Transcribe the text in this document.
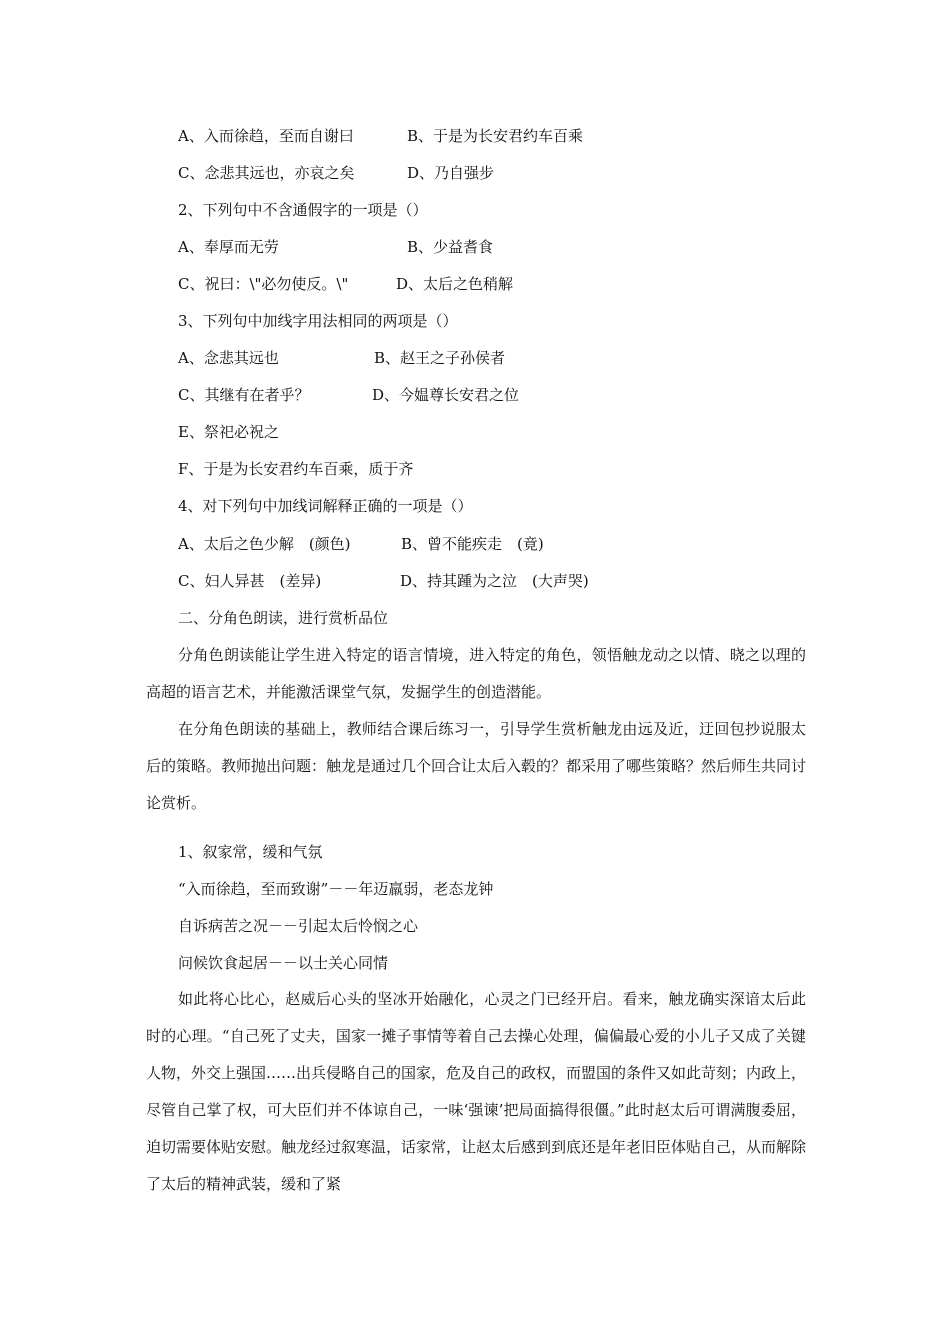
A、入而徐趋，至而自谢曰	B、于是为长安君约车百乘
C、念悲其远也，亦哀之矣	D、乃自强步
2、下列句中不含通假字的一项是（）
A、奉厚而无劳	B、少益耆食
C、祝曰：\"必勿使反。\"	D、太后之色稍解
3、下列句中加线字用法相同的两项是（）
A、念悲其远也	B、赵王之子孙侯者
C、其继有在者乎？	D、今媪尊长安君之位
E、祭祀必祝之
F、于是为长安君约车百乘，质于齐
4、对下列句中加线词解释正确的一项是（）
A、太后之色少解　(颜色)	B、曾不能疾走　(竟)
C、妇人异甚　(差异)	D、持其踵为之泣　(大声哭)
二、分角色朗读，进行赏析品位
分角色朗读能让学生进入特定的语言情境，进入特定的角色，领悟触龙动之以情、晓之以理的高超的语言艺术，并能激活课堂气氛，发掘学生的创造潜能。
在分角色朗读的基础上，教师结合课后练习一，引导学生赏析触龙由远及近，迂回包抄说服太后的策略。教师抛出问题：触龙是通过几个回合让太后入毂的？都采用了哪些策略？然后师生共同讨论赏析。
1、叙家常，缓和气氛
“入而徐趋，至而致谢”－－年迈羸弱，老态龙钟
自诉病苦之况－－引起太后怜悯之心
问候饮食起居－－以士关心同情
如此将心比心，赵威后心头的坚冰开始融化，心灵之门已经开启。看来，触龙确实深谙太后此时的心理。“自己死了丈夫，国家一摊子事情等着自己去操心处理，偏偏最心爱的小儿子又成了关键人物，外交上强国……出兵侵略自己的国家，危及自己的政权，而盟国的条件又如此苛刻；内政上，尽管自己掌了权，可大臣们并不体谅自己，一味‘强谏’把局面搞得很僵。”此时赵太后可谓满腹委屈，迫切需要体贴安慰。触龙经过叙寒温，话家常，让赵太后感到到底还是年老旧臣体贴自己，从而解除了太后的精神武装，缓和了紧
